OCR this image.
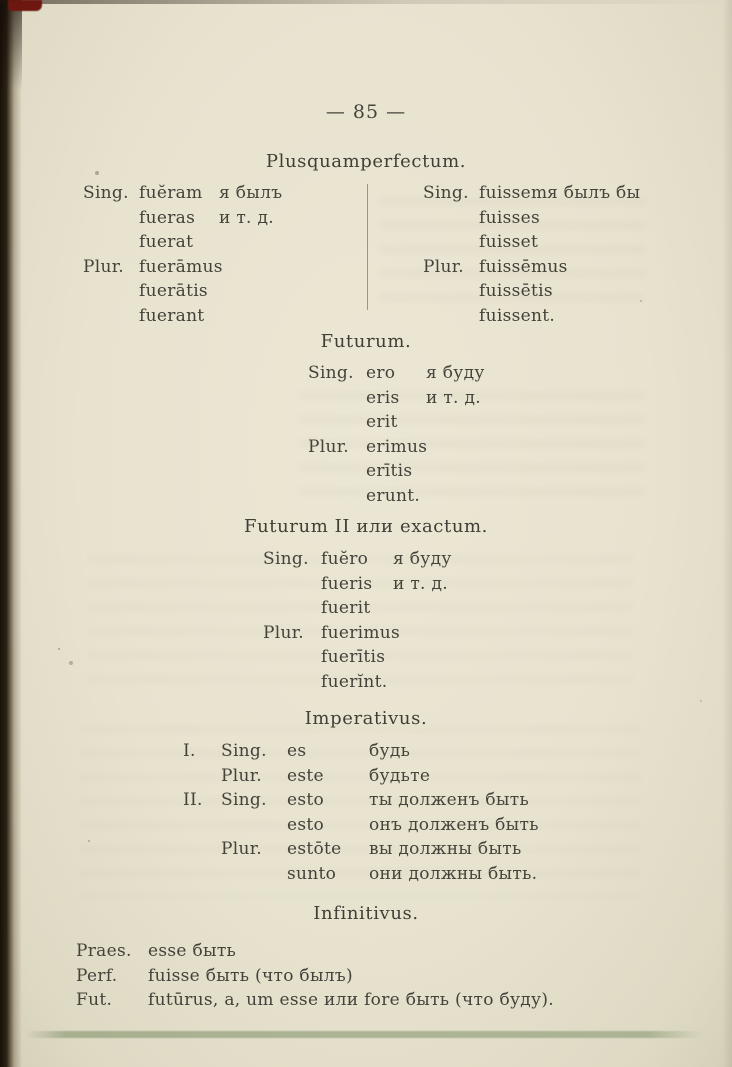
— 85 —
Plusquamperfectum.
Sing. fuĕram я былъ
fueras	и т. д.
fuerat
Plur. fuerāmus
fuerātis
fuerant
Sing. fuissem я былъ бы
fuisses
fuisset
Plur. fuissēmus
fuissētis
fuissent.
Futurum.
Sing. ero	я буду
eris	и т. д.
erit
Plur.	erimus
erītis
erunt.
Futurum II или exactum.
Sing. fuĕro	я буду
fueris	и т. д.
fuerit
Plur.	fuerimus
fuerītis
fuerĭnt.
Imperativus.
I.	Sing.	es	будь
Plur.	este	будьте
II.	Sing.	esto	ты долженъ быть
esto	онъ долженъ быть
Plur.	estōte	вы должны быть
sunto	они должны быть.
Infinitivus.
Praes. esse быть
Perf.	fuisse быть (что былъ)
Fut.	futūrus, a, um esse или fore быть (что буду).
